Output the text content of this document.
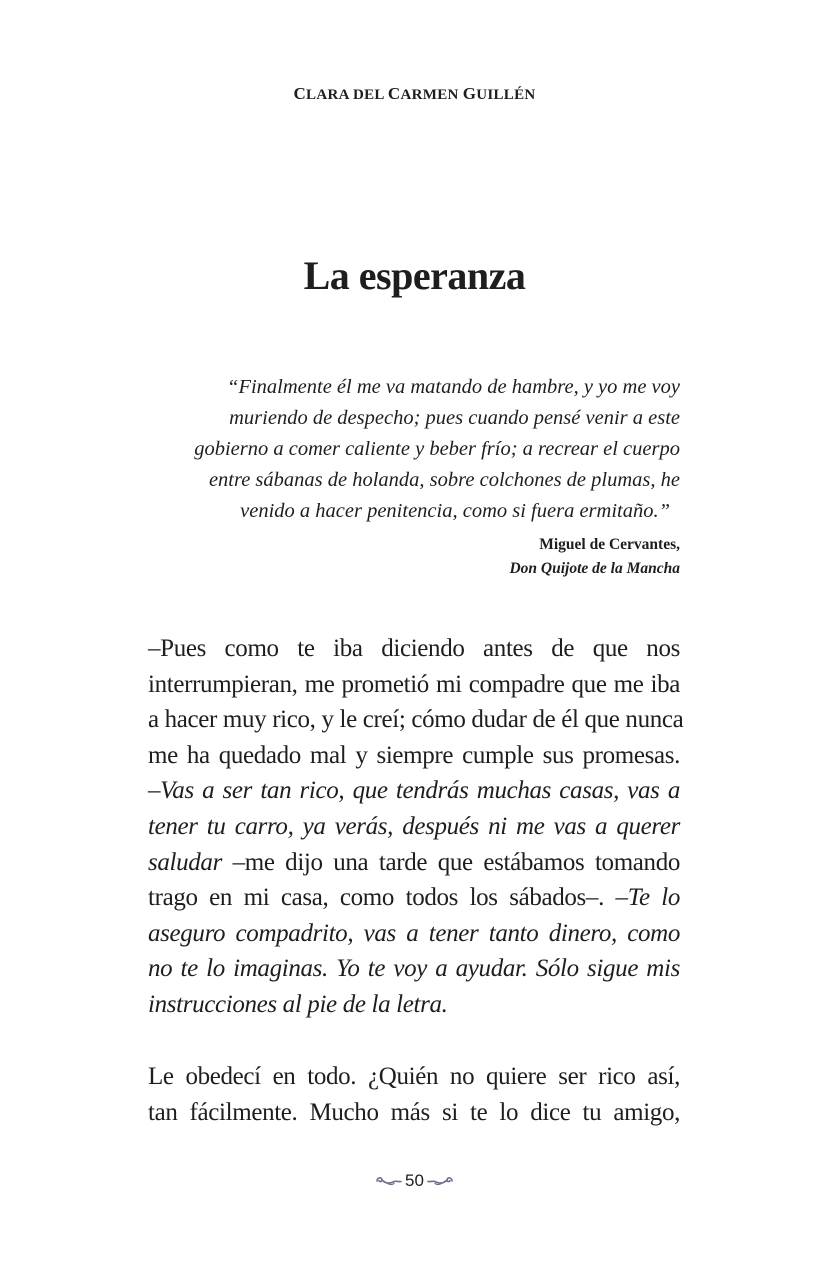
CLARA DEL CARMEN GUILLÉN
La esperanza
“Finalmente él me va matando de hambre, y yo me voy
muriendo de despecho; pues cuando pensé venir a este
gobierno a comer caliente y beber frío; a recrear el cuerpo
entre sábanas de holanda, sobre colchones de plumas, he
venido a hacer penitencia, como si fuera ermitaño.”
Miguel de Cervantes,
Don Quijote de la Mancha
–Pues como te iba diciendo antes de que nos
interrumpieran, me prometió mi compadre que me iba
a hacer muy rico, y le creí; cómo dudar de él que nunca
me ha quedado mal y siempre cumple sus promesas.
–Vas a ser tan rico, que tendrás muchas casas, vas a
tener tu carro, ya verás, después ni me vas a querer
saludar –me dijo una tarde que estábamos tomando
trago en mi casa, como todos los sábados–. –Te lo
aseguro compadrito, vas a tener tanto dinero, como
no te lo imaginas. Yo te voy a ayudar. Sólo sigue mis
instrucciones al pie de la letra.
Le obedecí en todo. ¿Quién no quiere ser rico así,
tan fácilmente. Mucho más si te lo dice tu amigo,
50
